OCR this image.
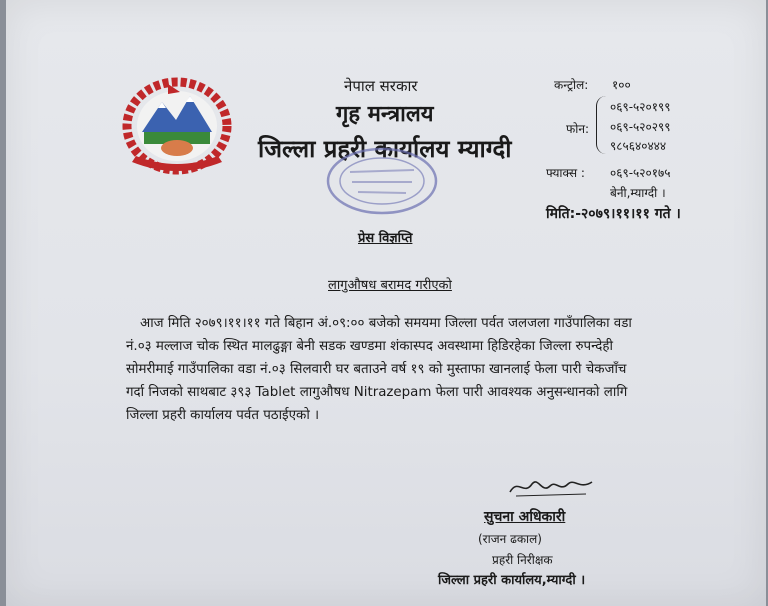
नेपाल सरकार
गृह मन्त्रालय
जिल्ला प्रहरी कार्यालय म्याग्दी
कन्ट्रोल: १००
फोन:
०६९-५२०१९९
०६९-५२०२९९
९८५६४०४४४
फ्याक्स : ०६९-५२०१७५
बेनी,म्याग्दी ।
मिति:-२०७९।११।११ गते ।
प्रेस विज्ञप्ति
लागुऔषध बरामद गरीएको
आज मिति २०७९।११।११ गते बिहान अं.०९:०० बजेको समयमा जिल्ला पर्वत जलजला गाउँपालिका वडा
नं.०३ मल्लाज चोक स्थित मालढुङ्गा बेनी सडक खण्डमा शंकास्पद अवस्थामा हिडिरहेका जिल्ला रुपन्देही
सोमरीमाई गाउँपालिका वडा नं.०३ सिलवारी घर बताउने वर्ष १९ को मुस्ताफा खानलाई फेला पारी चेकजाँच
गर्दा निजको साथबाट ३९३ Tablet लागुऔषध Nitrazepam फेला पारी आवश्यक अनुसन्धानको लागि
जिल्ला प्रहरी कार्यालय पर्वत पठाईएको ।
सुचना अधिकारी
(राजन ढकाल)
प्रहरी निरीक्षक
जिल्ला प्रहरी कार्यालय,म्याग्दी ।
